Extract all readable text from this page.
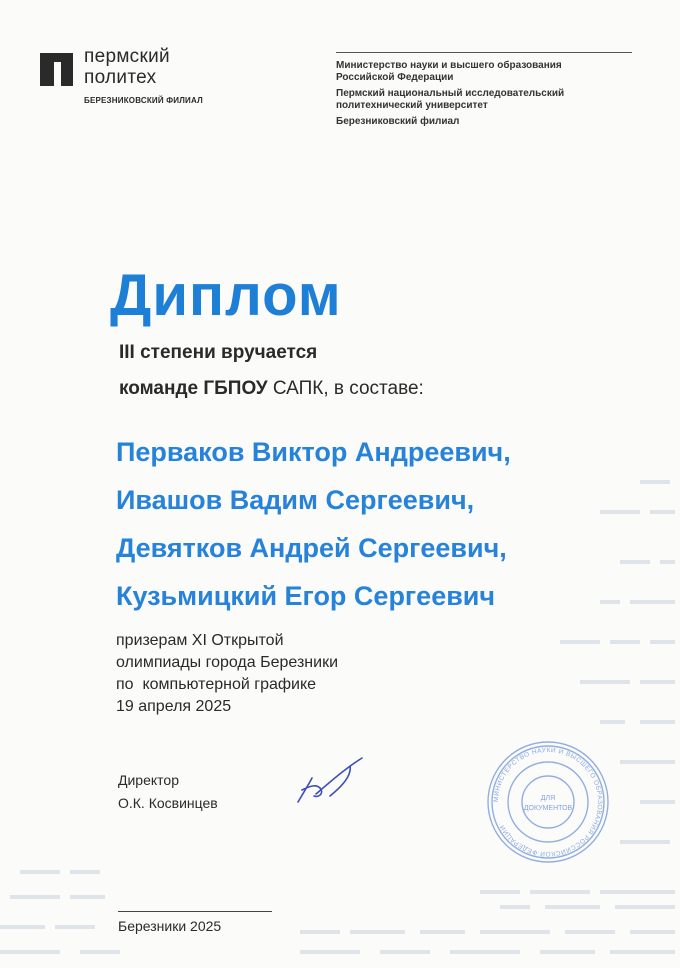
пермский
политех
БЕРЕЗНИКОВСКИЙ ФИЛИАЛ

Министерство науки и высшего образования
Российской Федерации

Пермский национальный исследовательский
политехнический университет

Березниковский филиал

Диплом
III степени вручается
команде ГБПОУ САПК, в составе:
Перваков Виктор Андреевич,
Ивашов Вадим Сергеевич,
Девятков Андрей Сергеевич,
Кузьмицкий Егор Сергеевич
призерам XI Открытой
олимпиады города Березники
по  компьютерной графике
19 апреля 2025
Директор
О.К. Косвинцев	МИНИСТЕРСТВО НАУКИ И ВЫСШЕГО ОБРАЗОВАНИЯ РОССИЙСКОЙ ФЕДЕРАЦИИ
ДЛЯ
ДОКУМЕНТОВ
Березники 2025
